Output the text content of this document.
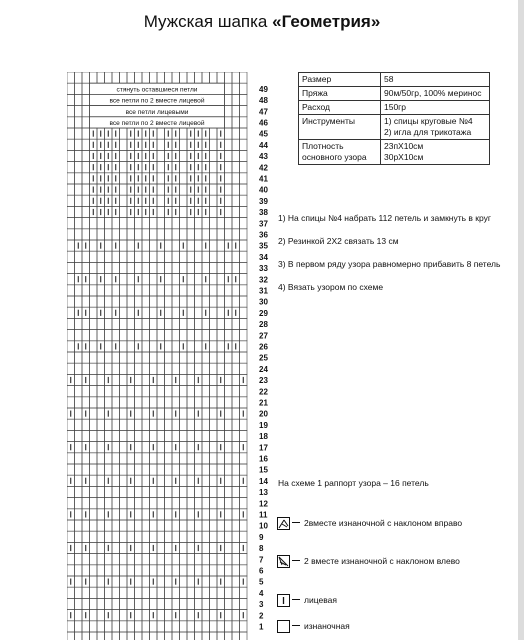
Мужская шапка «Геометрия»
стянуть оставшиеся петли
все петли по 2 вместе лицевой
все петли лицевыми
все петли по 2 вместе лицевой
49
48
47
46
45
44
43
42
41
40
39
38
37
36
35
34
33
32
31
30
29
28
27
26
25
24
23
22
21
20
19
18
17
16
15
14
13
12
11
10
9
8
7
6
5
4
3
2
1
Размер	58
Пряжа	90м/50гр, 100% меринос
Расход	150гр
Инструменты	1) спицы круговые №4
2) игла для трикотажа
Плотность основного узора	23пХ10см
30рХ10см

1) На спицы №4 набрать 112 петель и замкнуть в круг

2) Резинкой 2Х2 связать 13 см

3) В первом ряду узора равномерно прибавить 8 петель

4) Вязать узором по схеме

На схеме 1 раппорт узора – 16 петель
2вместе изнаночной с наклоном вправо
2 вместе изнаночной с наклоном влево
лицевая
изнаночная
